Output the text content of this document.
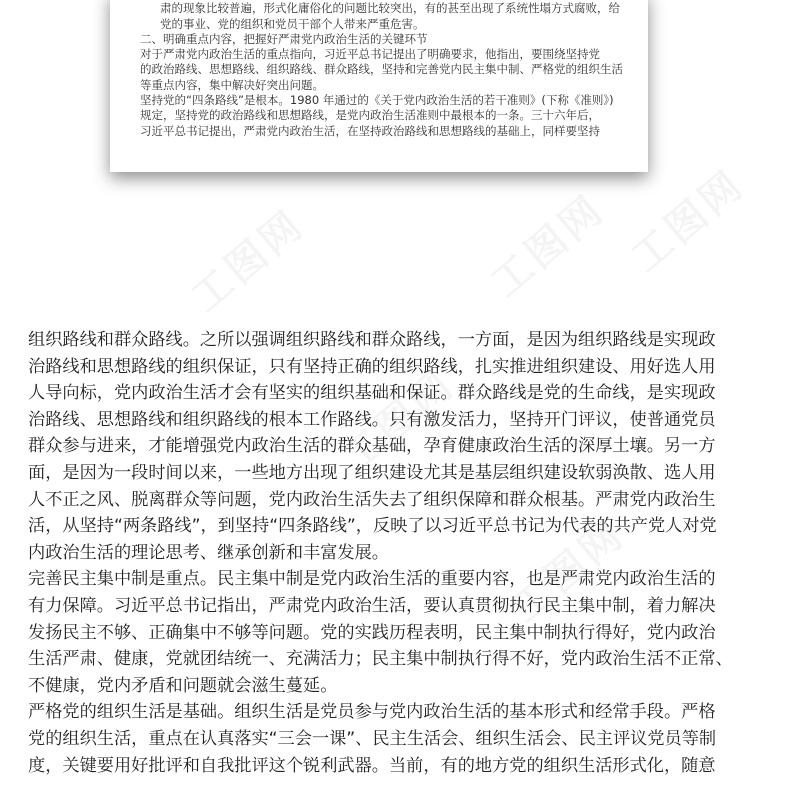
肃的现象比较普遍，形式化庸俗化的问题比较突出，有的甚至出现了系统性塌方式腐败，给
党的事业、党的组织和党员干部个人带来严重危害。
二、明确重点内容，把握好严肃党内政治生活的关键环节
对于严肃党内政治生活的重点指向，习近平总书记提出了明确要求，他指出，要围绕坚持党
的政治路线、思想路线、组织路线、群众路线，坚持和完善党内民主集中制、严格党的组织生活
等重点内容，集中解决好突出问题。
坚持党的“四条路线”是根本。1980 年通过的《关于党内政治生活的若干准则》(下称《准则》)
规定，坚持党的政治路线和思想路线，是党内政治生活准则中最根本的一条。三十六年后，
习近平总书记提出，严肃党内政治生活，在坚持政治路线和思想路线的基础上，同样要坚持
组织路线和群众路线。之所以强调组织路线和群众路线，一方面，是因为组织路线是实现政
治路线和思想路线的组织保证，只有坚持正确的组织路线，扎实推进组织建设、用好选人用
人导向标，党内政治生活才会有坚实的组织基础和保证。群众路线是党的生命线，是实现政
治路线、思想路线和组织路线的根本工作路线。只有激发活力，坚持开门评议，使普通党员
群众参与进来，才能增强党内政治生活的群众基础，孕育健康政治生活的深厚土壤。另一方
面，是因为一段时间以来，一些地方出现了组织建设尤其是基层组织建设软弱涣散、选人用
人不正之风、脱离群众等问题，党内政治生活失去了组织保障和群众根基。严肃党内政治生
活，从坚持“两条路线”，到坚持“四条路线”，反映了以习近平总书记为代表的共产党人对党
内政治生活的理论思考、继承创新和丰富发展。
完善民主集中制是重点。民主集中制是党内政治生活的重要内容，也是严肃党内政治生活的
有力保障。习近平总书记指出，严肃党内政治生活，要认真贯彻执行民主集中制，着力解决
发扬民主不够、正确集中不够等问题。党的实践历程表明，民主集中制执行得好，党内政治
生活严肃、健康，党就团结统一、充满活力；民主集中制执行得不好，党内政治生活不正常、
不健康，党内矛盾和问题就会滋生蔓延。
严格党的组织生活是基础。组织生活是党员参与党内政治生活的基本形式和经常手段。严格
党的组织生活，重点在认真落实“三会一课”、民主生活会、组织生活会、民主评议党员等制
度，关键要用好批评和自我批评这个锐利武器。当前，有的地方党的组织生活形式化，随意
